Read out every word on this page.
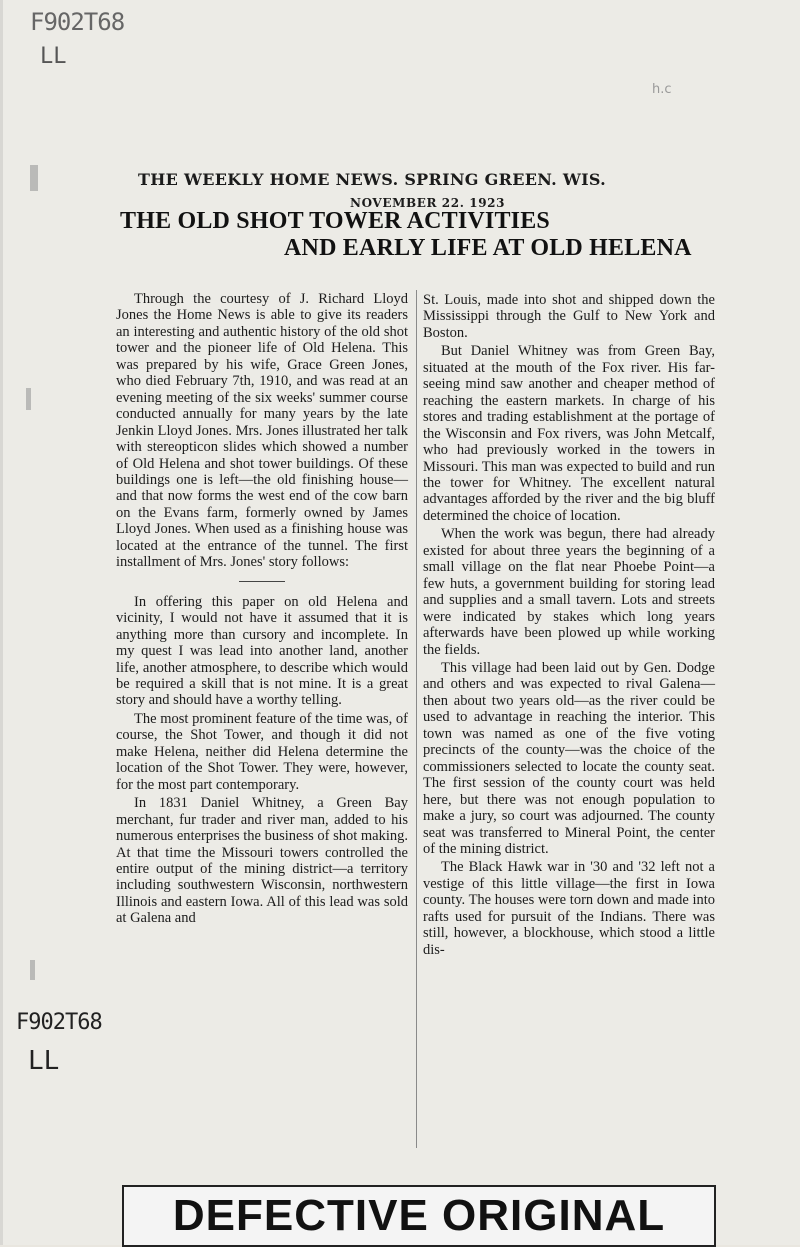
F902T68
LL
h.c
THE WEEKLY HOME NEWS. SPRING GREEN. WIS.
NOVEMBER 22. 1923
THE OLD SHOT TOWER ACTIVITIES
AND EARLY LIFE AT OLD HELENA

Through the courtesy of J. Richard Lloyd Jones the Home News is able to give its readers an interesting and authentic history of the old shot tower and the pioneer life of Old Helena. This was prepared by his wife, Grace Green Jones, who died February 7th, 1910, and was read at an evening meeting of the six weeks' summer course conducted annually for many years by the late Jenkin Lloyd Jones. Mrs. Jones illustrated her talk with stereopticon slides which showed a number of Old Helena and shot tower buildings. Of these buildings one is left—the old finishing house—and that now forms the west end of the cow barn on the Evans farm, formerly owned by James Lloyd Jones. When used as a finishing house was located at the entrance of the tunnel. The first installment of Mrs. Jones' story follows:

In offering this paper on old Helena and vicinity, I would not have it assumed that it is anything more than cursory and incomplete. In my quest I was lead into another land, another life, another atmosphere, to describe which would be required a skill that is not mine. It is a great story and should have a worthy telling.

The most prominent feature of the time was, of course, the Shot Tower, and though it did not make Helena, neither did Helena determine the location of the Shot Tower. They were, however, for the most part contemporary.

In 1831 Daniel Whitney, a Green Bay merchant, fur trader and river man, added to his numerous enterprises the business of shot making. At that time the Missouri towers controlled the entire output of the mining district—a territory including southwestern Wisconsin, northwestern Illinois and eastern Iowa. All of this lead was sold at Galena and

St. Louis, made into shot and shipped down the Mississippi through the Gulf to New York and Boston.

But Daniel Whitney was from Green Bay, situated at the mouth of the Fox river. His far-seeing mind saw another and cheaper method of reaching the eastern markets. In charge of his stores and trading establishment at the portage of the Wisconsin and Fox rivers, was John Metcalf, who had previously worked in the towers in Missouri. This man was expected to build and run the tower for Whitney. The excellent natural advantages afforded by the river and the big bluff determined the choice of location.

When the work was begun, there had already existed for about three years the beginning of a small village on the flat near Phoebe Point—a few huts, a government building for storing lead and supplies and a small tavern. Lots and streets were indicated by stakes which long years afterwards have been plowed up while working the fields.

This village had been laid out by Gen. Dodge and others and was expected to rival Galena—then about two years old—as the river could be used to advantage in reaching the interior. This town was named as one of the five voting precincts of the county—was the choice of the commissioners selected to locate the county seat. The first session of the county court was held here, but there was not enough population to make a jury, so court was adjourned. The county seat was transferred to Mineral Point, the center of the mining district.

The Black Hawk war in '30 and '32 left not a vestige of this little village—the first in Iowa county. The houses were torn down and made into rafts used for pursuit of the Indians. There was still, however, a blockhouse, which stood a little dis-

F902T68
LL
DEFECTIVE ORIGINAL
